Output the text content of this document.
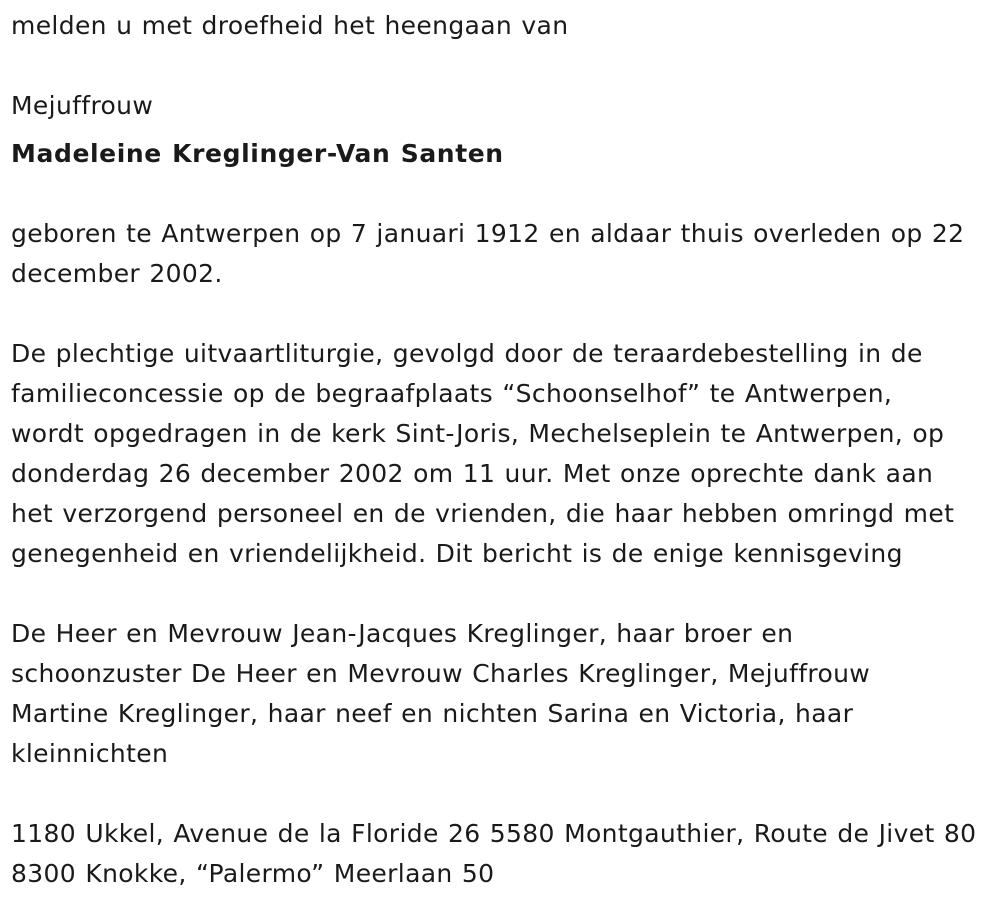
melden u met droefheid het heengaan van

Mejuffrouw

Madeleine Kreglinger-Van Santen

geboren te Antwerpen op 7 januari 1912 en aldaar thuis overleden op 22

december 2002.

De plechtige uitvaartliturgie, gevolgd door de teraardebestelling in de

familieconcessie op de begraafplaats “Schoonselhof” te Antwerpen,

wordt opgedragen in de kerk Sint-Joris, Mechelseplein te Antwerpen, op

donderdag 26 december 2002 om 11 uur. Met onze oprechte dank aan

het verzorgend personeel en de vrienden, die haar hebben omringd met

genegenheid en vriendelijkheid. Dit bericht is de enige kennisgeving

De Heer en Mevrouw Jean-Jacques Kreglinger, haar broer en

schoonzuster De Heer en Mevrouw Charles Kreglinger, Mejuffrouw

Martine Kreglinger, haar neef en nichten Sarina en Victoria, haar

kleinnichten

1180 Ukkel, Avenue de la Floride 26 5580 Montgauthier, Route de Jivet 80

8300 Knokke, “Palermo” Meerlaan 50
